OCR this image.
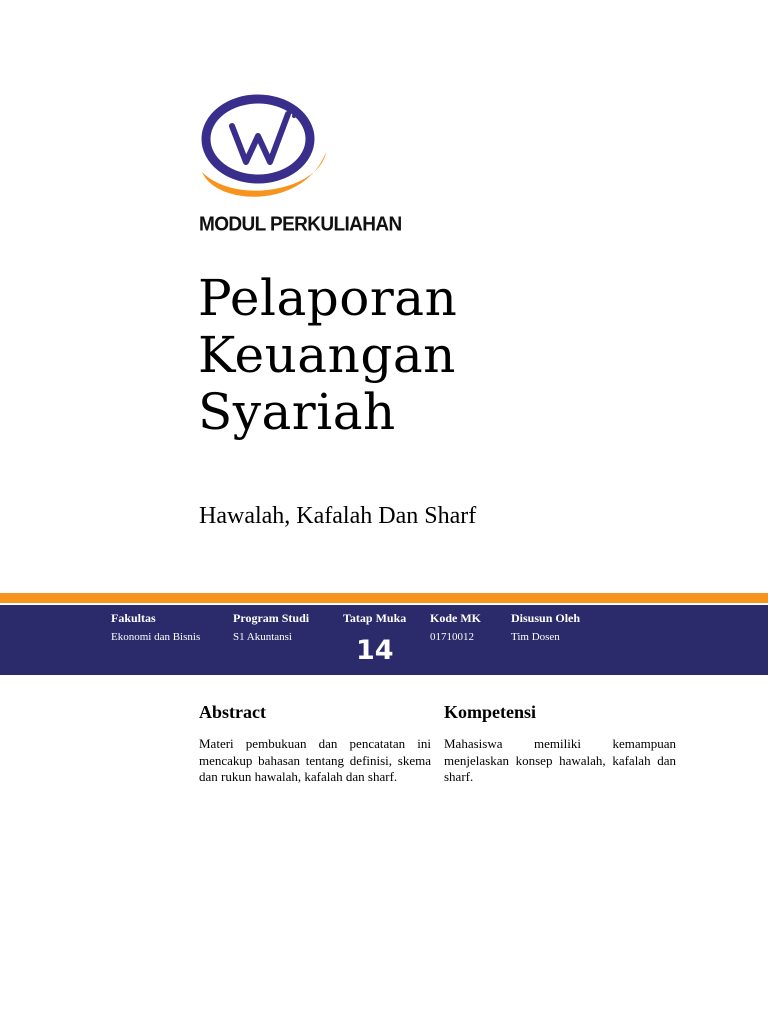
MODUL PERKULIAHAN
Pelaporan
Keuangan
Syariah
Hawalah, Kafalah Dan Sharf
Fakultas
Ekonomi dan Bisnis
Program Studi
S1 Akuntansi
Tatap Muka
14
Kode MK
01710012
Disusun Oleh
Tim Dosen
Abstract
Materi pembukuan dan pencatatan ini mencakup bahasan tentang definisi, skema dan rukun hawalah, kafalah dan sharf.
Kompetensi
Mahasiswa memiliki kemampuan menjelaskan konsep hawalah, kafalah dan sharf.
